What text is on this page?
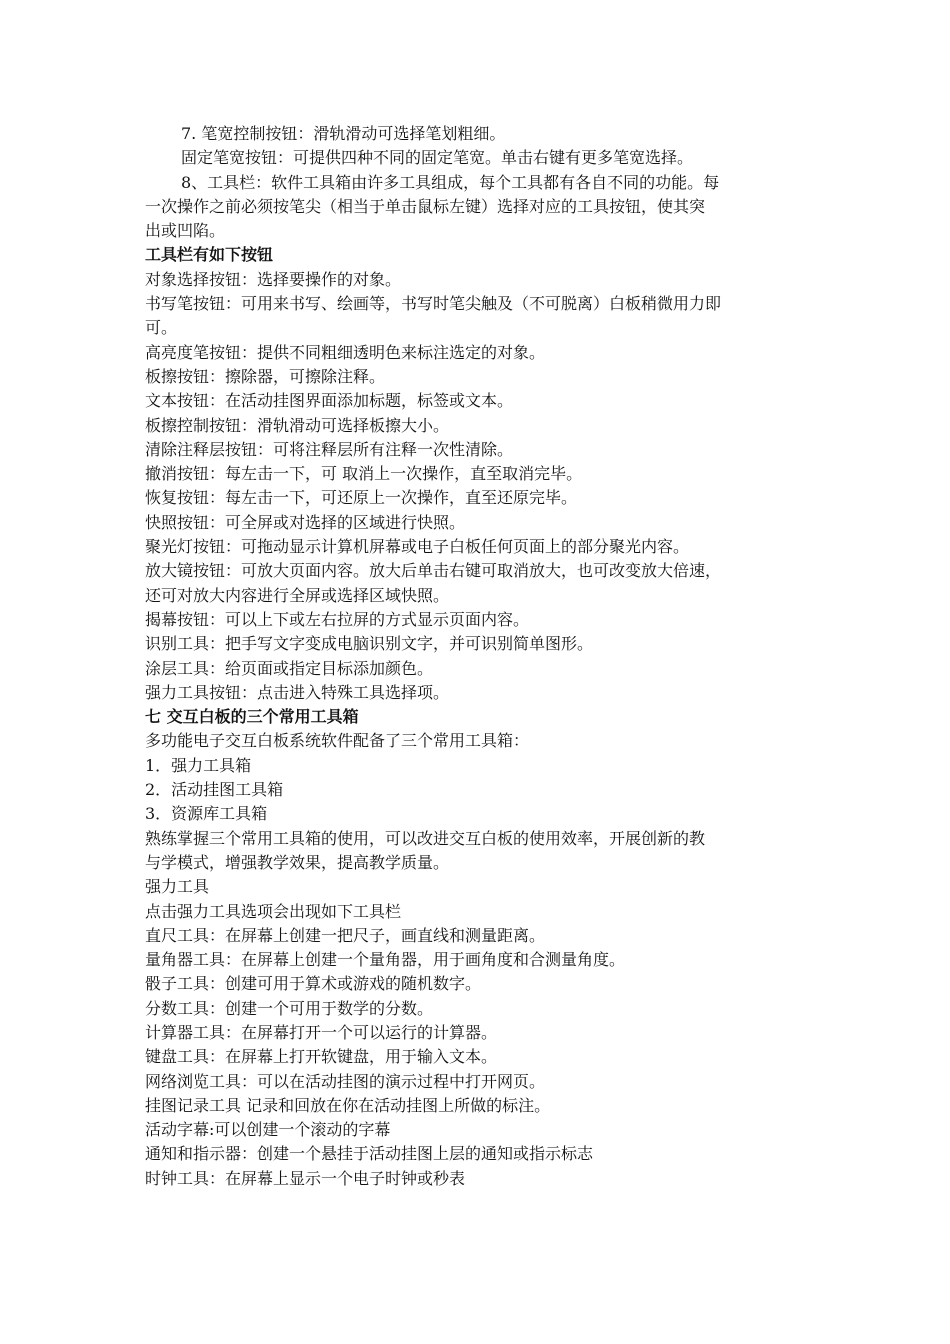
7. 笔宽控制按钮：滑轨滑动可选择笔划粗细。

固定笔宽按钮：可提供四种不同的固定笔宽。单击右键有更多笔宽选择。

8、工具栏：软件工具箱由许多工具组成，每个工具都有各自不同的功能。每

一次操作之前必须按笔尖（相当于单击鼠标左键）选择对应的工具按钮，使其突

出或凹陷。

工具栏有如下按钮

对象选择按钮：选择要操作的对象。

书写笔按钮：可用来书写、绘画等，书写时笔尖触及（不可脱离）白板稍微用力即

可。

高亮度笔按钮：提供不同粗细透明色来标注选定的对象。

板擦按钮：擦除器，可擦除注释。

文本按钮：在活动挂图界面添加标题，标签或文本。

板擦控制按钮：滑轨滑动可选择板擦大小。

清除注释层按钮：可将注释层所有注释一次性清除。

撤消按钮：每左击一下，可 取消上一次操作，直至取消完毕。

恢复按钮：每左击一下，可还原上一次操作，直至还原完毕。

快照按钮：可全屏或对选择的区域进行快照。

聚光灯按钮：可拖动显示计算机屏幕或电子白板任何页面上的部分聚光内容。

放大镜按钮：可放大页面内容。放大后单击右键可取消放大，也可改变放大倍速，

还可对放大内容进行全屏或选择区域快照。

揭幕按钮：可以上下或左右拉屏的方式显示页面内容。

识别工具：把手写文字变成电脑识别文字，并可识别简单图形。

涂层工具：给页面或指定目标添加颜色。

强力工具按钮：点击进入特殊工具选择项。

七 交互白板的三个常用工具箱

多功能电子交互白板系统软件配备了三个常用工具箱：

1．强力工具箱

2．活动挂图工具箱

3．资源库工具箱

熟练掌握三个常用工具箱的使用，可以改进交互白板的使用效率，开展创新的教

与学模式，增强教学效果，提高教学质量。

强力工具

点击强力工具选项会出现如下工具栏

直尺工具：在屏幕上创建一把尺子，画直线和测量距离。

量角器工具：在屏幕上创建一个量角器，用于画角度和合测量角度。

骰子工具：创建可用于算术或游戏的随机数字。

分数工具：创建一个可用于数学的分数。

计算器工具：在屏幕打开一个可以运行的计算器。

键盘工具：在屏幕上打开软键盘，用于输入文本。

网络浏览工具：可以在活动挂图的演示过程中打开网页。

挂图记录工具 记录和回放在你在活动挂图上所做的标注。

活动字幕:可以创建一个滚动的字幕

通知和指示器：创建一个悬挂于活动挂图上层的通知或指示标志

时钟工具：在屏幕上显示一个电子时钟或秒表
